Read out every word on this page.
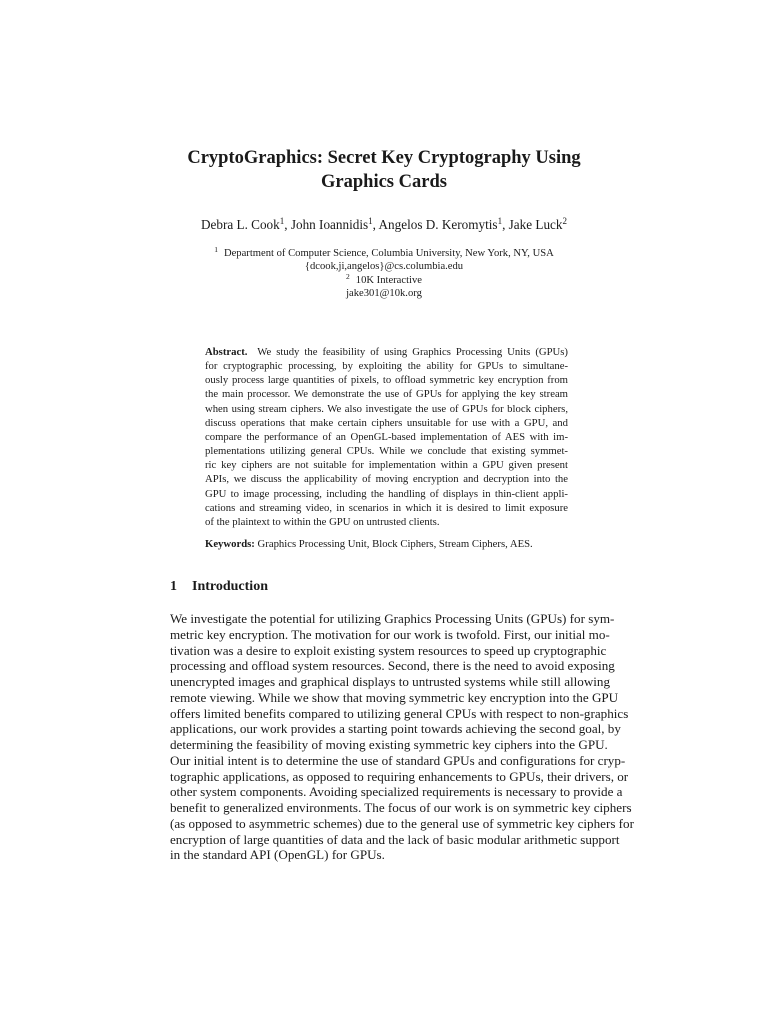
CryptoGraphics: Secret Key Cryptography Using
Graphics Cards
Debra L. Cook$^1$, John Ioannidis$^1$, Angelos D. Keromytis$^1$, Jake Luck$^2$
$^1$ Department of Computer Science, Columbia University, New York, NY, USA
{dcook,ji,angelos}@cs.columbia.edu
$^2$ 10K Interactive
jake301@10k.org
Abstract. We study the feasibility of using Graphics Processing Units (GPUs)
for cryptographic processing, by exploiting the ability for GPUs to simultane-
ously process large quantities of pixels, to offload symmetric key encryption from
the main processor. We demonstrate the use of GPUs for applying the key stream
when using stream ciphers. We also investigate the use of GPUs for block ciphers,
discuss operations that make certain ciphers unsuitable for use with a GPU, and
compare the performance of an OpenGL-based implementation of AES with im-
plementations utilizing general CPUs. While we conclude that existing symmet-
ric key ciphers are not suitable for implementation within a GPU given present
APIs, we discuss the applicability of moving encryption and decryption into the
GPU to image processing, including the handling of displays in thin-client appli-
cations and streaming video, in scenarios in which it is desired to limit exposure
of the plaintext to within the GPU on untrusted clients.
Keywords: Graphics Processing Unit, Block Ciphers, Stream Ciphers, AES.
1 Introduction
We investigate the potential for utilizing Graphics Processing Units (GPUs) for sym-
metric key encryption. The motivation for our work is twofold. First, our initial mo-
tivation was a desire to exploit existing system resources to speed up cryptographic
processing and offload system resources. Second, there is the need to avoid exposing
unencrypted images and graphical displays to untrusted systems while still allowing
remote viewing. While we show that moving symmetric key encryption into the GPU
offers limited benefits compared to utilizing general CPUs with respect to non-graphics
applications, our work provides a starting point towards achieving the second goal, by
determining the feasibility of moving existing symmetric key ciphers into the GPU.
Our initial intent is to determine the use of standard GPUs and configurations for cryp-
tographic applications, as opposed to requiring enhancements to GPUs, their drivers, or
other system components. Avoiding specialized requirements is necessary to provide a
benefit to generalized environments. The focus of our work is on symmetric key ciphers
(as opposed to asymmetric schemes) due to the general use of symmetric key ciphers for
encryption of large quantities of data and the lack of basic modular arithmetic support
in the standard API (OpenGL) for GPUs.
